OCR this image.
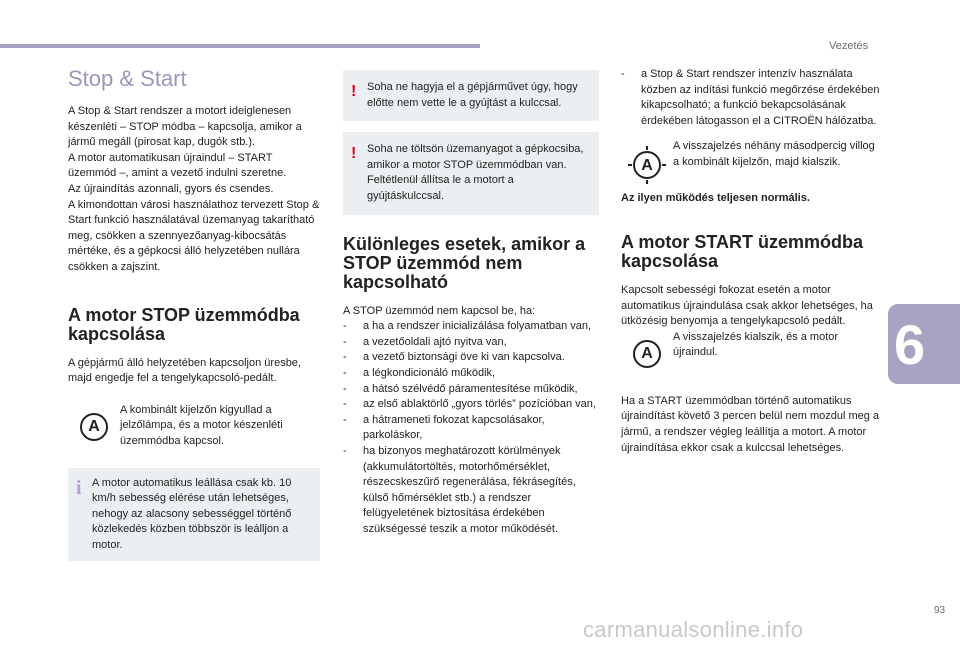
Vezetés
6
93
carmanualsonline.info
Stop & Start

A Stop & Start rendszer a motort ideiglenesen készenléti – STOP módba – kapcsolja, amikor a jármű megáll (pirosat kap, dugók stb.).

A motor automatikusan újraindul – START üzemmód –, amint a vezető indulni szeretne.

Az újraindítás azonnali, gyors és csendes.

A kimondottan városi használathoz tervezett Stop & Start funkció használatával üzemanyag takarítható meg, csökken a szennyezőanyag-kibocsátás mértéke, és a gépkocsi álló helyzetében nullára csökken a zajszint.

A motor STOP üzemmódba kapcsolása

A gépjármű álló helyzetében kapcsoljon üresbe, majd engedje fel a tengelykapcsoló-pedált.

A

A kombinált kijelzőn kigyullad a jelzőlámpa, és a motor készenléti üzemmódba kapcsol.

i A motor automatikus leállása csak kb. 10 km/h sebesség elérése után lehetséges, nehogy az alacsony sebességgel történő közlekedés közben többször is leálljon a motor.

! Soha ne hagyja el a gépjárművet úgy, hogy előtte nem vette le a gyújtást a kulccsal.

! Soha ne töltsön üzemanyagot a gépkocsiba, amikor a motor STOP üzemmódban van. Feltétlenül állítsa le a motort a gyújtáskulccsal.

Különleges esetek, amikor a STOP üzemmód nem kapcsolható

A STOP üzemmód nem kapcsol be, ha:

- a ha a rendszer inicializálása folyamatban van,
- a vezetőoldali ajtó nyitva van,
- a vezető biztonsági öve ki van kapcsolva.
- a légkondicionáló működik,
- a hátsó szélvédő páramentesítése működik,
- az első ablaktörlő „gyors törlés” pozícióban van,
- a hátrameneti fokozat kapcsolásakor, parkoláskor,
- ha bizonyos meghatározott körülmények (akkumulátortöltés, motorhőmérséklet, részecskeszűrő regenerálása, fékrásegítés, külső hőmérséklet stb.) a rendszer felügyeletének biztosítása érdekében szükségessé teszik a motor működését.
- a Stop & Start rendszer intenzív használata közben az indítási funkció megőrzése érdekében kikapcsolható; a funkció bekapcsolásának érdekében látogasson el a CITROËN hálózatba.
A

A visszajelzés néhány másodpercig villog a kombinált kijelzőn, majd kialszik.

Az ilyen működés teljesen normális.

A motor START üzemmódba kapcsolása

Kapcsolt sebességi fokozat esetén a motor automatikus újraindulása csak akkor lehetséges, ha ütközésig benyomja a tengelykapcsoló pedált.

A

A visszajelzés kialszik, és a motor újraindul.

Ha a START üzemmódban történő automatikus újraindítást követő 3 percen belül nem mozdul meg a jármű, a rendszer végleg leállítja a motort. A motor újraindítása ekkor csak a kulccsal lehetséges.
